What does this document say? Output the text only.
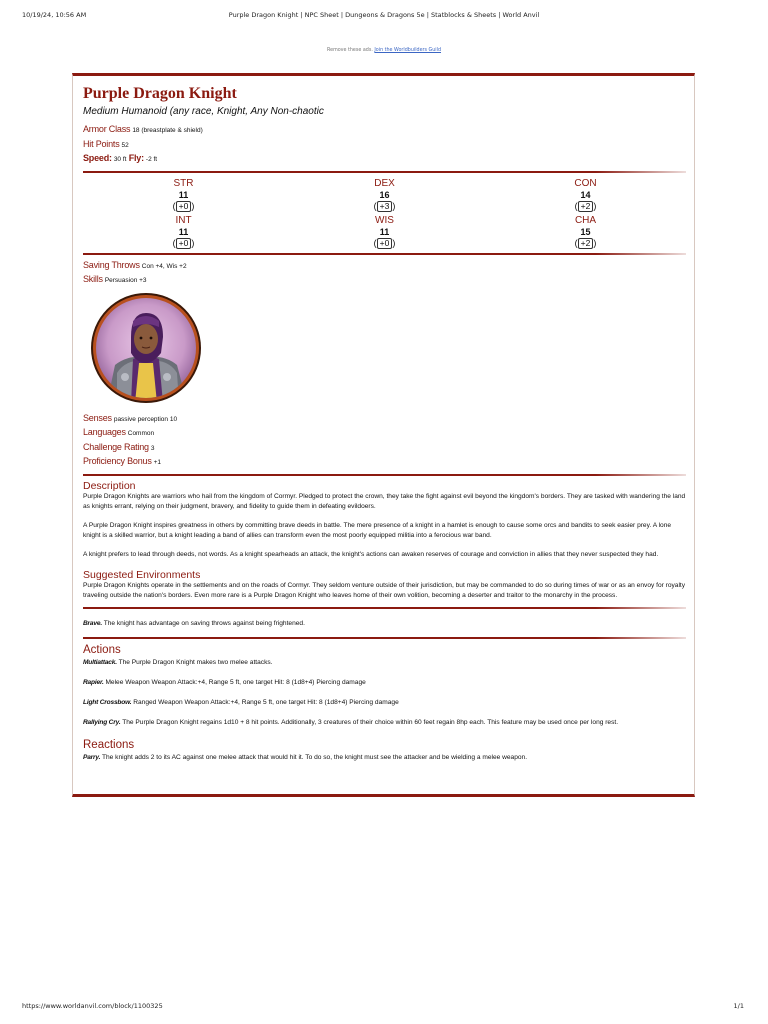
10/19/24, 10:56 AM	Purple Dragon Knight | NPC Sheet | Dungeons & Dragons 5e | Statblocks & Sheets | World Anvil
Remove these ads. Join the Worldbuilders Guild
Purple Dragon Knight
Medium Humanoid (any race, Knight, Any Non-chaotic
Armor Class 18 (breastplate & shield)
Hit Points 52
Speed: 30 ft Fly: -2 ft
STR
11
( +0 )
DEX
16
( +3 )
CON
14
( +2 )
INT
11
( +0 )
WIS
11
( +0 )
CHA
15
( +2 )
Saving Throws Con +4, Wis +2
Skills Persuasion +3
Senses passive perception 10
Languages Common
Challenge Rating 3
Proficiency Bonus +1
Description

Purple Dragon Knights are warriors who hail from the kingdom of Cormyr. Pledged to protect the crown, they take the fight against evil beyond the kingdom's borders. They are tasked with wandering the land as knights errant, relying on their judgment, bravery, and fidelity to guide them in defeating evildoers.

A Purple Dragon Knight inspires greatness in others by committing brave deeds in battle. The mere presence of a knight in a hamlet is enough to cause some orcs and bandits to seek easier prey. A lone knight is a skilled warrior, but a knight leading a band of allies can transform even the most poorly equipped militia into a ferocious war band.

A knight prefers to lead through deeds, not words. As a knight spearheads an attack, the knight's actions can awaken reserves of courage and conviction in allies that they never suspected they had.

Suggested Environments

Purple Dragon Knights operate in the settlements and on the roads of Cormyr. They seldom venture outside of their jurisdiction, but may be commanded to do so during times of war or as an envoy for royalty traveling outside the nation's borders. Even more rare is a Purple Dragon Knight who leaves home of their own volition, becoming a deserter and traitor to the monarchy in the process.

Brave. The knight has advantage on saving throws against being frightened.

Actions

Multiattack. The Purple Dragon Knight makes two melee attacks.

Rapier. Melee Weapon Weapon Attack:+4, Range 5 ft, one target Hit: 8 (1d8+4) Piercing damage

Light Crossbow. Ranged Weapon Weapon Attack:+4, Range 5 ft, one target Hit: 8 (1d8+4) Piercing damage

Rallying Cry. The Purple Dragon Knight regains 1d10 + 8 hit points. Additionally, 3 creatures of their choice within 60 feet regain 8hp each. This feature may be used once per long rest.

Reactions

Parry. The knight adds 2 to its AC against one melee attack that would hit it. To do so, the knight must see the attacker and be wielding a melee weapon.

https://www.worldanvil.com/block/1100325	1/1
